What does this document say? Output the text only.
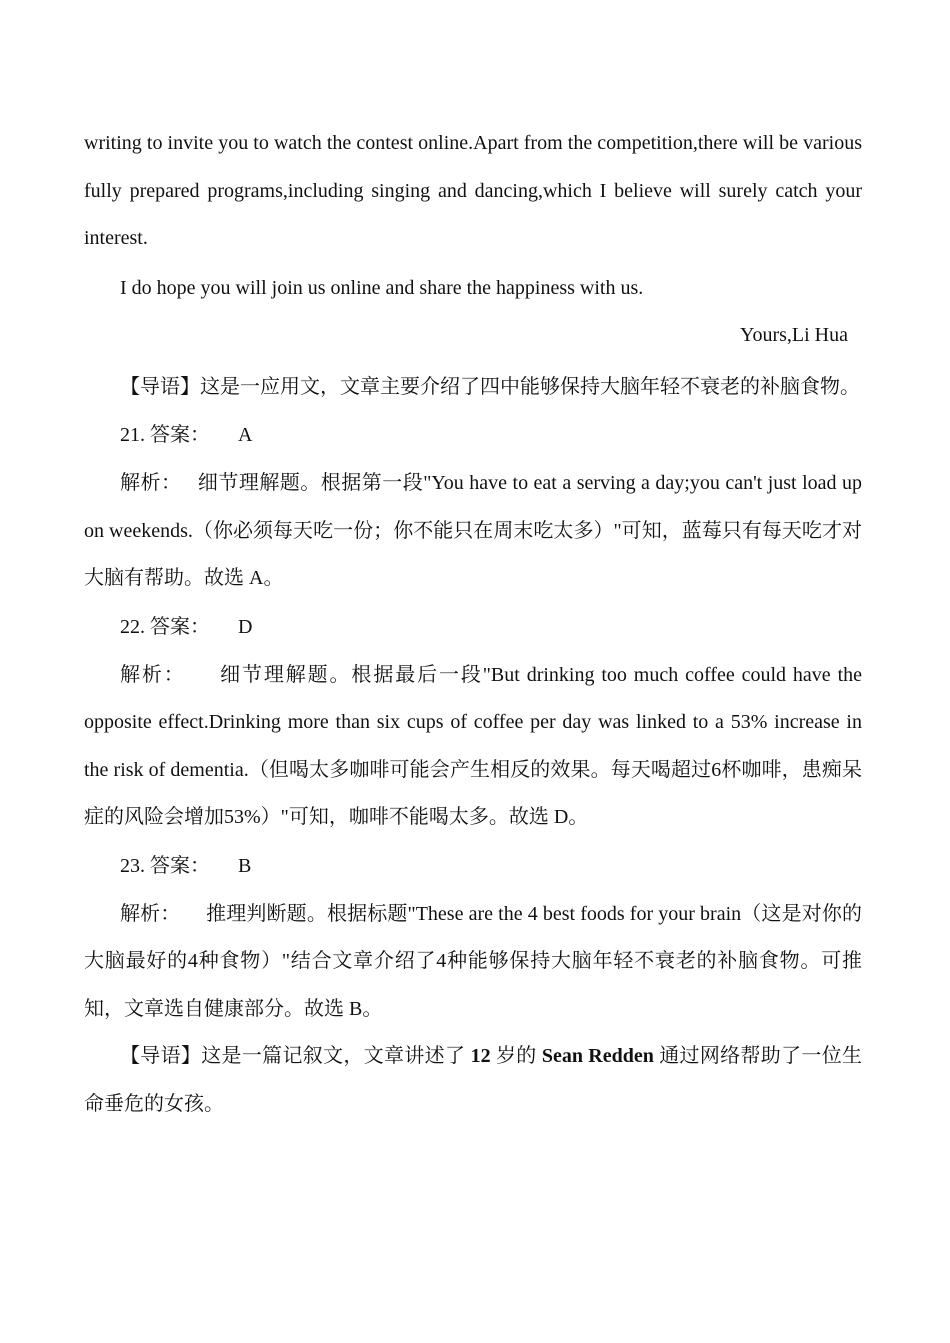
writing to invite you to watch the contest online.Apart from the competition,there will be various fully prepared programs,including singing and dancing,which I believe will surely catch your interest.

I do hope you will join us online and share the happiness with us.

Yours,Li Hua

【导语】这是一应用文，文章主要介绍了四中能够保持大脑年轻不衰老的补脑食物。

21. 答案： A

解析： 细节理解题。根据第一段"You have to eat a serving a day;you can't just load up on weekends.（你必须每天吃一份；你不能只在周末吃太多）"可知，蓝莓只有每天吃才对大脑有帮助。故选 A。

22. 答案： D

解析： 细节理解题。根据最后一段"But drinking too much coffee could have the opposite effect.Drinking more than six cups of coffee per day was linked to a 53% increase in the risk of dementia.（但喝太多咖啡可能会产生相反的效果。每天喝超过6杯咖啡，患痴呆症的风险会增加53%）"可知，咖啡不能喝太多。故选 D。

23. 答案： B

解析： 推理判断题。根据标题"These are the 4 best foods for your brain（这是对你的大脑最好的4种食物）"结合文章介绍了4种能够保持大脑年轻不衰老的补脑食物。可推知，文章选自健康部分。故选 B。

【导语】这是一篇记叙文，文章讲述了 12 岁的 Sean Redden 通过网络帮助了一位生命垂危的女孩。
